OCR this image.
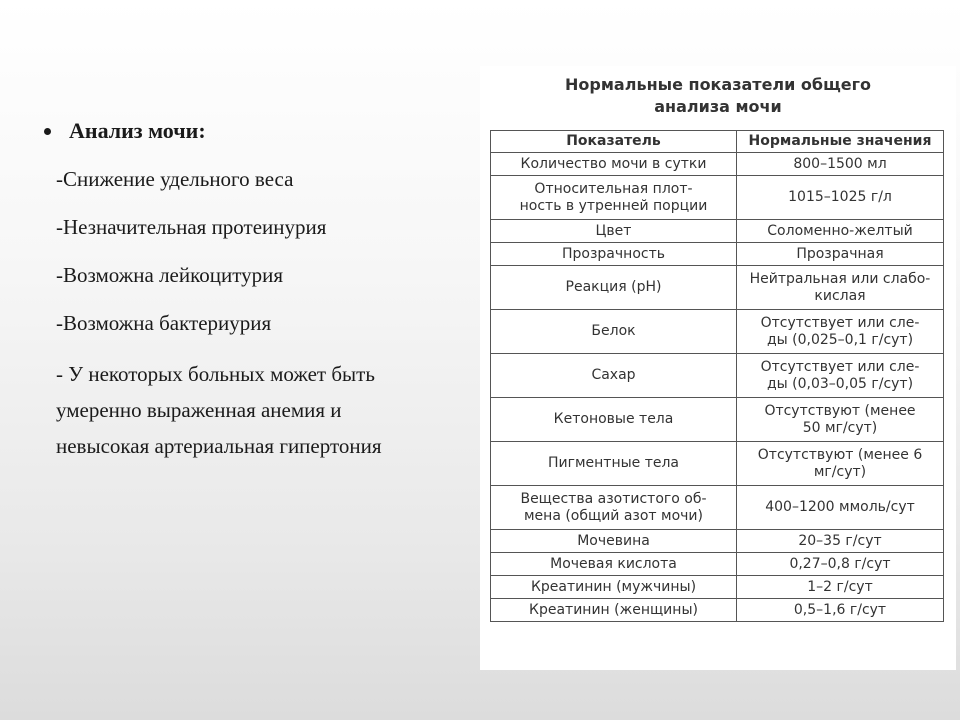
Анализ мочи:
-Снижение удельного веса
-Незначительная протеинурия
-Возможна лейкоцитурия
-Возможна бактериурия
- У некоторых больных может быть
умеренно выраженная анемия и
невысокая артериальная гипертония
Нормальные показатели общего
анализа мочи
Показатель	Нормальные значения

Количество мочи в сутки	800–1500 мл

Относительная плот-
ность в утренней порции	1015–1025 г/л

Цвет	Соломенно-желтый

Прозрачность	Прозрачная

Реакция (рН)	Нейтральная или слабо-
кислая

Белок	Отсутствует или сле-
ды (0,025–0,1 г/сут)

Сахар	Отсутствует или сле-
ды (0,03–0,05 г/сут)

Кетоновые тела	Отсутствуют (менее
50 мг/сут)

Пигментные тела	Отсутствуют (менее 6
мг/сут)

Вещества азотистого об-
мена (общий азот мочи)	400–1200 ммоль/сут

Мочевина	20–35 г/сут

Мочевая кислота	0,27–0,8 г/сут

Креатинин (мужчины)	1–2 г/сут

Креатинин (женщины)	0,5–1,6 г/сут
